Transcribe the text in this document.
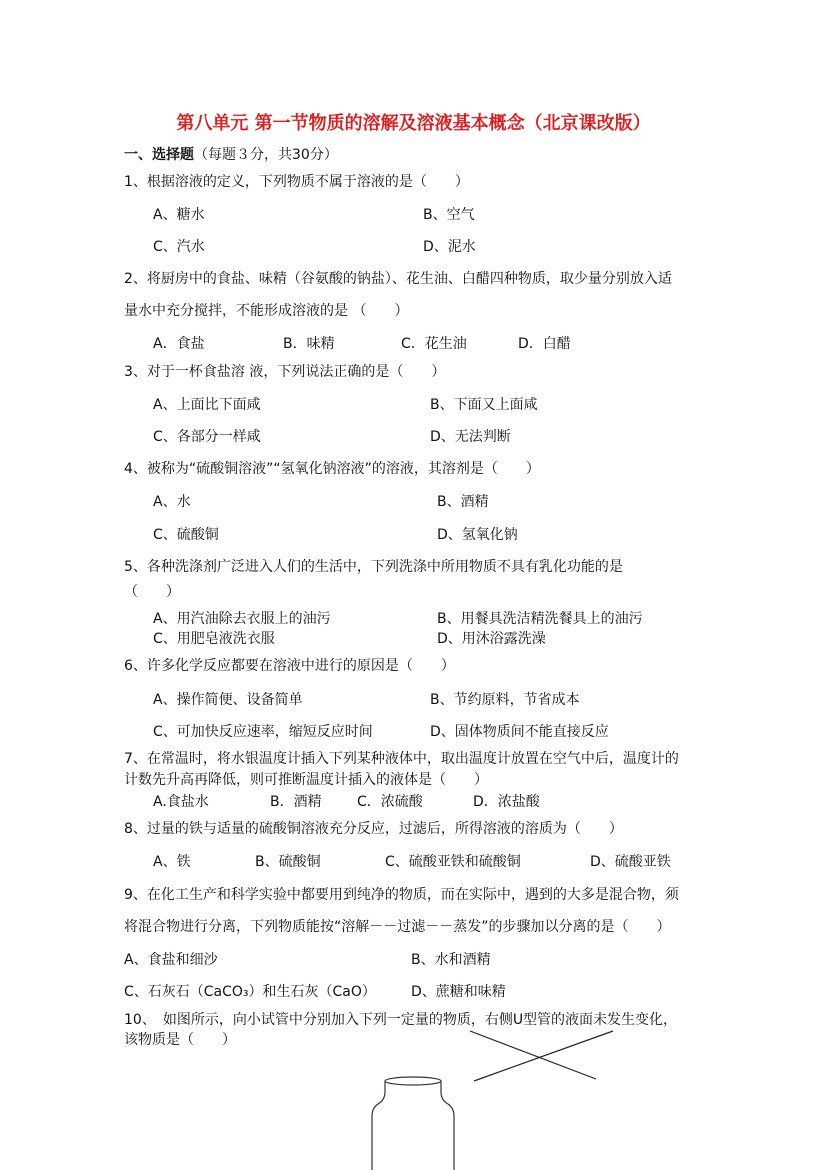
第八单元 第一节物质的溶解及溶液基本概念（北京课改版）
一、选择题（每题３分，共30分）
1、根据溶液的定义，下列物质不属于溶液的是（　　）
A、糖水	B、空气
C、汽水	D、泥水
2、将厨房中的食盐、味精（谷氨酸的钠盐）、花生油、白醋四种物质，取少量分别放入适
量水中充分搅拌，不能形成溶液的是 （　　）
A．食盐	B．味精	C．花生油	D．白醋
3、对于一杯食盐溶 液，下列说法正确的是（　　）
A、上面比下面咸	B、下面又上面咸
C、各部分一样咸	D、无法判断
4、被称为“硫酸铜溶液”“氢氧化钠溶液”的溶液，其溶剂是（　　）
A、水	B、酒精
C、硫酸铜	D、氢氧化钠
5、各种洗涤剂广泛进入人们的生活中，下列洗涤中所用物质不具有乳化功能的是
（　　）
A、用汽油除去衣服上的油污	B、用餐具洗洁精洗餐具上的油污
C、用肥皂液洗衣服	D、用沐浴露洗澡
6、许多化学反应都要在溶液中进行的原因是（　　）
A、操作简便、设备简单	B、节约原料，节省成本
C、可加快反应速率，缩短反应时间	D、固体物质间不能直接反应
7、在常温时，将水银温度计插入下列某种液体中，取出温度计放置在空气中后，温度计的
计数先升高再降低，则可推断温度计插入的液体是（　　）
A.食盐水	B．酒精	C．浓硫酸	D．浓盐酸
8、过量的铁与适量的硫酸铜溶液充分反应，过滤后，所得溶液的溶质为（　　）
A、铁	B、硫酸铜	C、硫酸亚铁和硫酸铜	D、硫酸亚铁
9、在化工生产和科学实验中都要用到纯净的物质，而在实际中，遇到的大多是混合物，须
将混合物进行分离，下列物质能按“溶解－－过滤－－蒸发”的步骤加以分离的是（　　）
A、食盐和细沙	B、水和酒精
C、石灰石（CaCO₃）和生石灰（CaO）	D、蔗糖和味精
10、　如图所示，向小试管中分别加入下列一定量的物质，右侧U型管的液面未发生变化，
该物质是（　　）
